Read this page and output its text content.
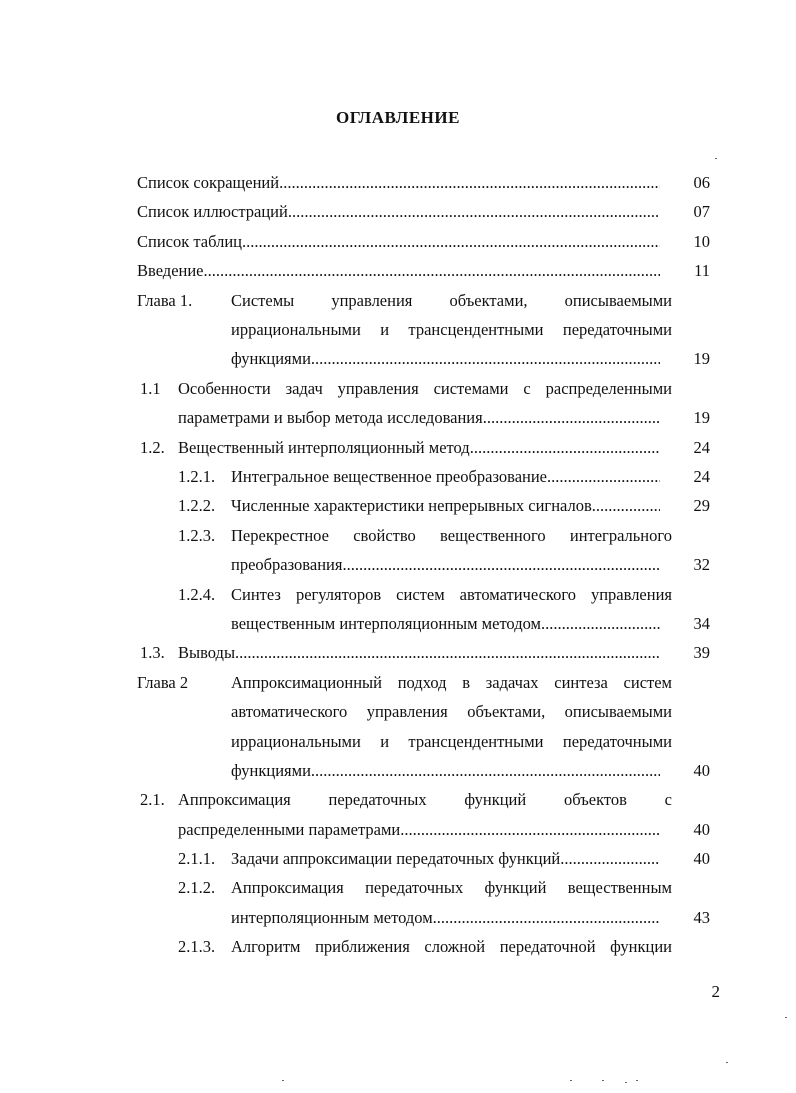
ОГЛАВЛЕНИЕ
Список сокращений .....	06
Список иллюстраций .....	07
Список таблиц .....	10
Введение .....	11
Глава 1. Системы управления объектами, описываемыми
иррациональными и трансцендентными передаточными
функциями .....	19
1.1 Особенности задач управления системами с распределенными
параметрами и выбор метода исследования .....	19
1.2. Вещественный интерполяционный метод .....	24
1.2.1. Интегральное вещественное преобразование .....	24
1.2.2. Численные характеристики непрерывных сигналов .....	29
1.2.3. Перекрестное свойство вещественного интегрального
преобразования .....	32
1.2.4. Синтез регуляторов систем автоматического управления
вещественным интерполяционным методом .....	34
1.3. Выводы .....	39
Глава 2	Аппроксимационный подход в задачах синтеза систем
автоматического управления объектами, описываемыми
иррациональными и трансцендентными передаточными
функциями .....	40
2.1. Аппроксимация передаточных функций объектов с
распределенными параметрами .....	40
2.1.1. Задачи аппроксимации передаточных функций .....	40
2.1.2. Аппроксимация передаточных функций вещественным
интерполяционным методом .....	43
2.1.3. Алгоритм приближения сложной передаточной функции
2
